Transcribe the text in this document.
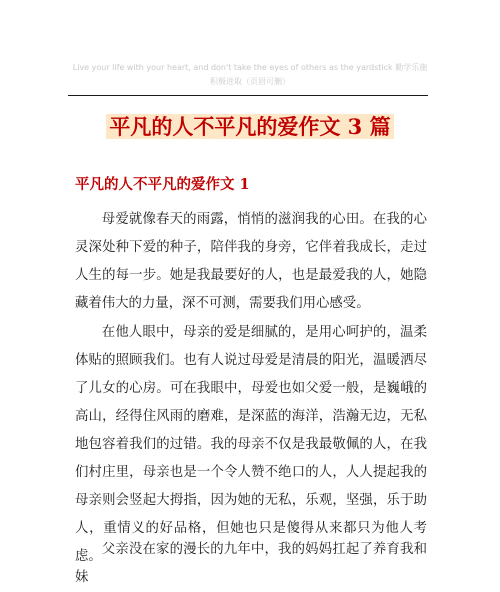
Live your life with your heart, and don't take the eyes of others as the yardstick 勤学乐施　积极进取（页眉可删）
平凡的人不平凡的爱作文 3 篇
平凡的人不平凡的爱作文 1

母爱就像春天的雨露，悄悄的滋润我的心田。在我的心灵深处种下爱的种子，陪伴我的身旁，它伴着我成长，走过人生的每一步。她是我最要好的人，也是最爱我的人，她隐藏着伟大的力量，深不可测，需要我们用心感受。

在他人眼中，母亲的爱是细腻的，是用心呵护的，温柔体贴的照顾我们。也有人说过母爱是清晨的阳光，温暖洒尽了儿女的心房。可在我眼中，母爱也如父爱一般，是巍峨的高山，经得住风雨的磨难，是深蓝的海洋，浩瀚无边，无私地包容着我们的过错。我的母亲不仅是我最敬佩的人，在我们村庄里，母亲也是一个令人赞不绝口的人，人人提起我的母亲则会竖起大拇指，因为她的无私，乐观，坚强，乐于助人，重情义的好品格，但她也只是傻得从来都只为他人考虑。 父亲没在家的漫长的九年中，我的妈妈扛起了养育我和妹
